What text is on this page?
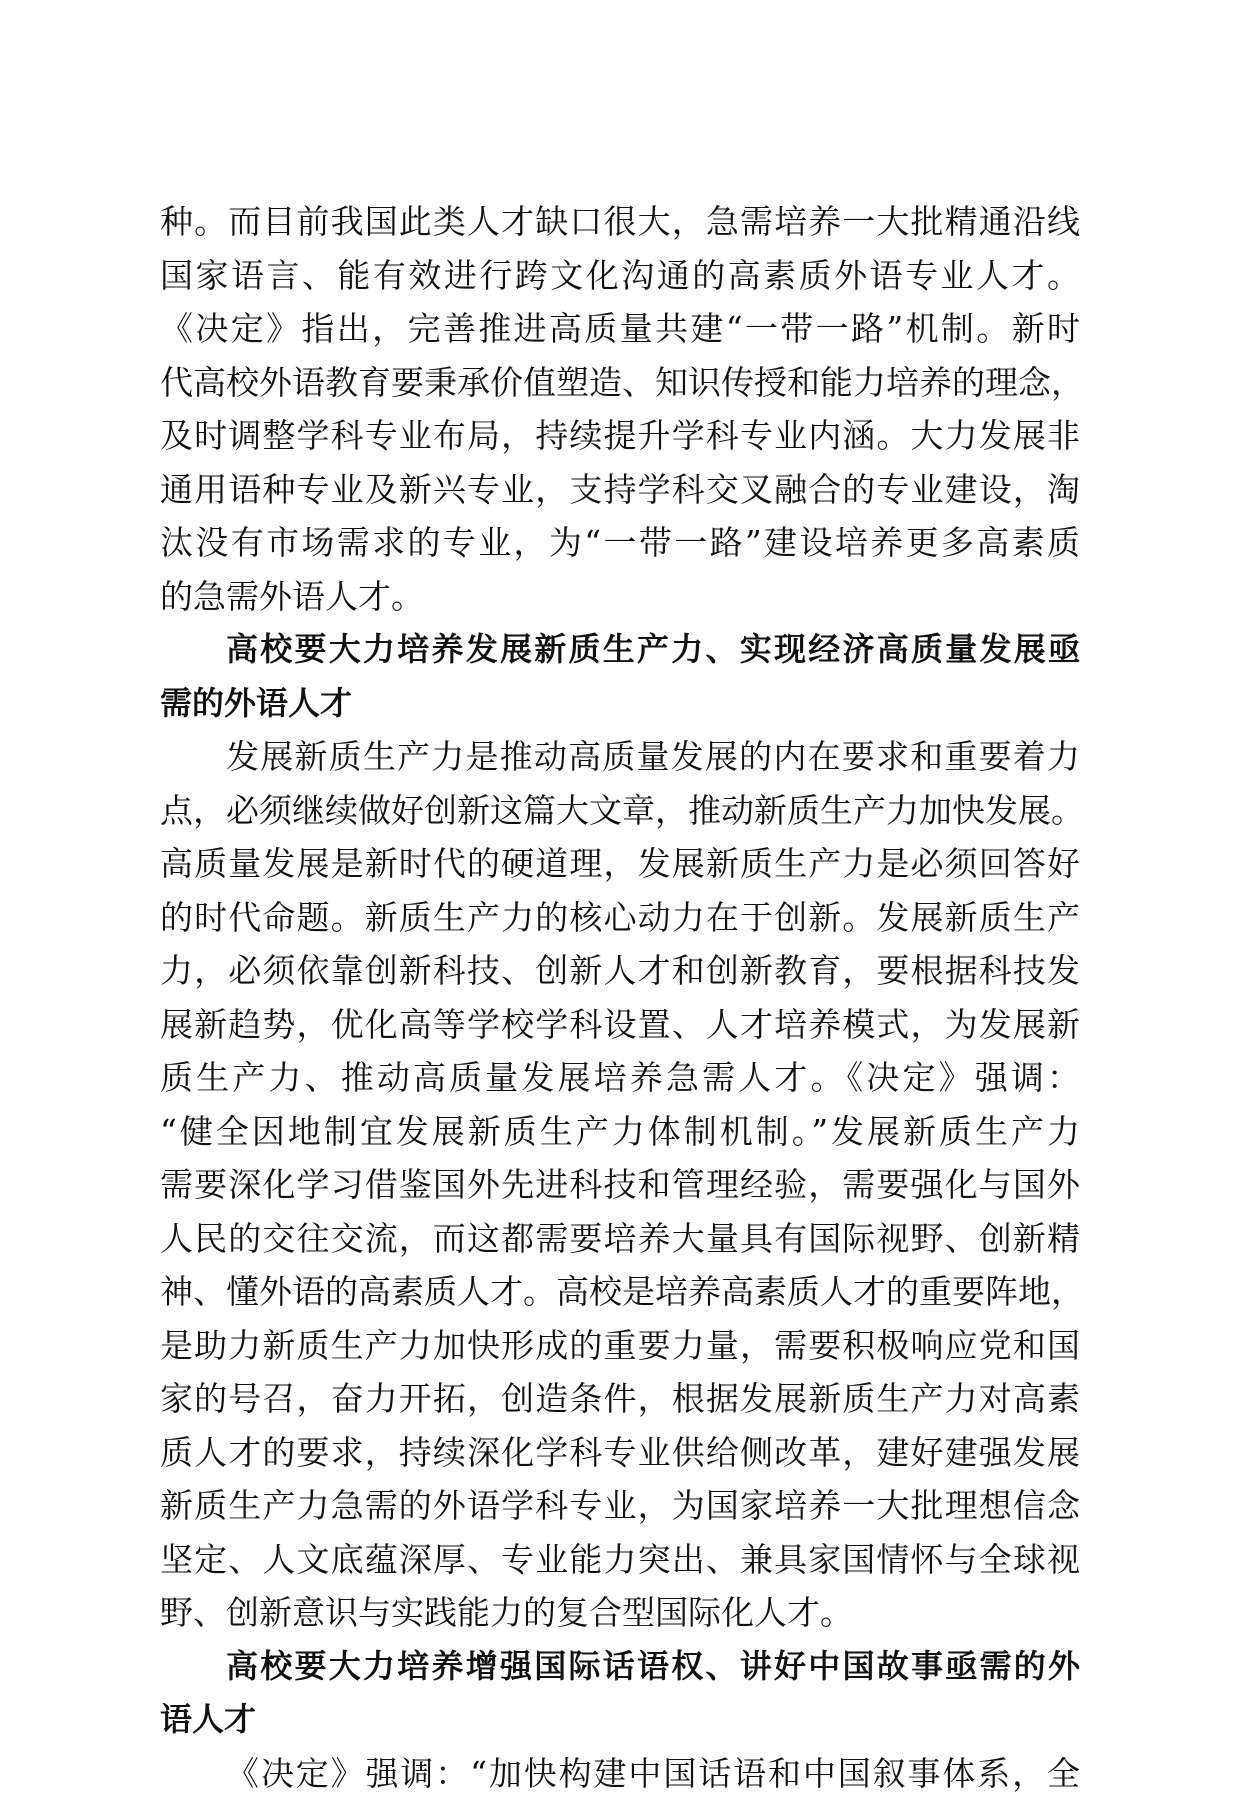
种。而目前我国此类人才缺口很大，急需培养一大批精通沿线
国家语言、能有效进行跨文化沟通的高素质外语专业人才。
《决定》指出，完善推进高质量共建“一带一路”机制。新时
代高校外语教育要秉承价值塑造、知识传授和能力培养的理念，
及时调整学科专业布局，持续提升学科专业内涵。大力发展非
通用语种专业及新兴专业，支持学科交叉融合的专业建设，淘
汰没有市场需求的专业，为“一带一路”建设培养更多高素质
的急需外语人才。
高校要大力培养发展新质生产力、实现经济高质量发展亟
需的外语人才
发展新质生产力是推动高质量发展的内在要求和重要着力
点，必须继续做好创新这篇大文章，推动新质生产力加快发展。
高质量发展是新时代的硬道理，发展新质生产力是必须回答好
的时代命题。新质生产力的核心动力在于创新。发展新质生产
力，必须依靠创新科技、创新人才和创新教育，要根据科技发
展新趋势，优化高等学校学科设置、人才培养模式，为发展新
质生产力、推动高质量发展培养急需人才。《决定》强调：
“健全因地制宜发展新质生产力体制机制。”发展新质生产力
需要深化学习借鉴国外先进科技和管理经验，需要强化与国外
人民的交往交流，而这都需要培养大量具有国际视野、创新精
神、懂外语的高素质人才。高校是培养高素质人才的重要阵地，
是助力新质生产力加快形成的重要力量，需要积极响应党和国
家的号召，奋力开拓，创造条件，根据发展新质生产力对高素
质人才的要求，持续深化学科专业供给侧改革，建好建强发展
新质生产力急需的外语学科专业，为国家培养一大批理想信念
坚定、人文底蕴深厚、专业能力突出、兼具家国情怀与全球视
野、创新意识与实践能力的复合型国际化人才。
高校要大力培养增强国际话语权、讲好中国故事亟需的外
语人才
《决定》强调：“加快构建中国话语和中国叙事体系，全
